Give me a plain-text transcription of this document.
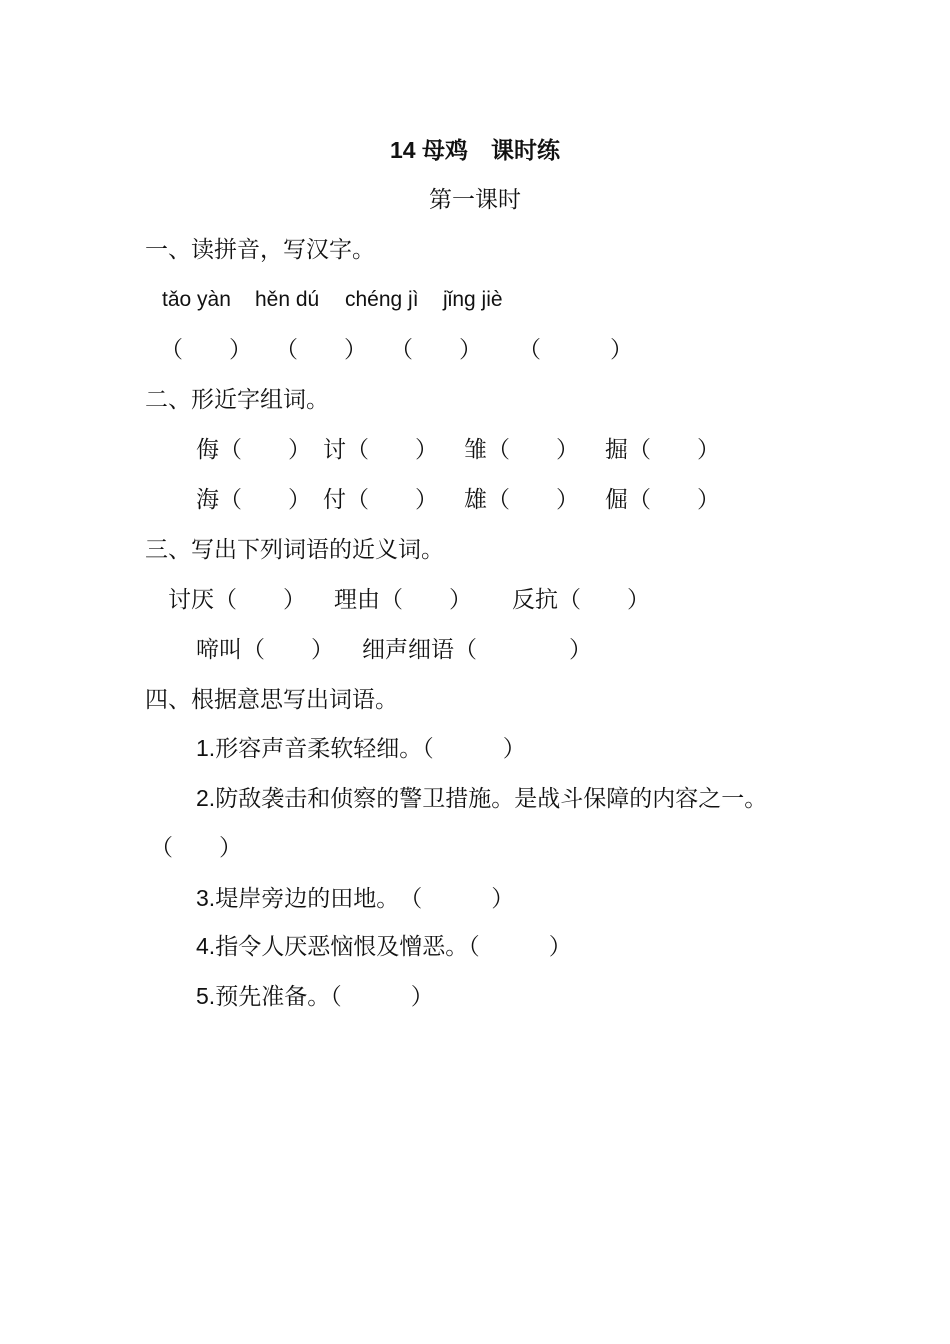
14 母鸡　课时练
第一课时
一、读拼音，写汉字。
tǎo yàn hěn dú chéng jì jǐng jiè
（　　） （　　） （　　） （　　　）
二、形近字组词。
侮（　　） 讨（　　） 雏（　　） 掘（　　）
海（　　） 付（　　） 雄（　　） 倔（　　）
三、写出下列词语的近义词。
讨厌（　　） 理由（　　） 反抗（　　）
啼叫（　　） 细声细语（　　　　）
四、根据意思写出词语。
1.形容声音柔软轻细。（　　　）
2.防敌袭击和侦察的警卫措施。是战斗保障的内容之一。
（　　）
3.堤岸旁边的田地。　（　　　）
4.指令人厌恶恼恨及憎恶。（　　　）
5.预先准备。（　　　）
